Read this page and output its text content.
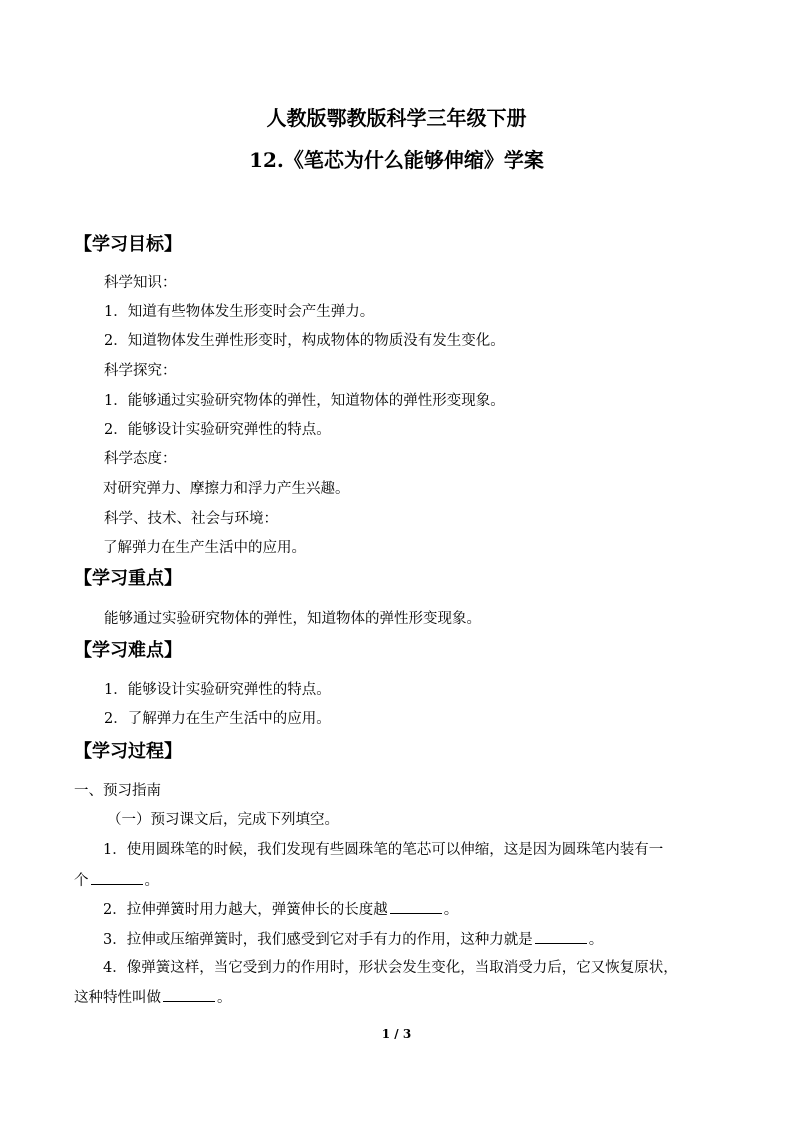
人教版鄂教版科学三年级下册
12.《笔芯为什么能够伸缩》学案
【学习目标】
科学知识：
1．知道有些物体发生形变时会产生弹力。
2．知道物体发生弹性形变时，构成物体的物质没有发生变化。
科学探究：
1．能够通过实验研究物体的弹性，知道物体的弹性形变现象。
2．能够设计实验研究弹性的特点。
科学态度：
对研究弹力、摩擦力和浮力产生兴趣。
科学、技术、社会与环境：
了解弹力在生产生活中的应用。
【学习重点】
能够通过实验研究物体的弹性，知道物体的弹性形变现象。
【学习难点】
1．能够设计实验研究弹性的特点。
2．了解弹力在生产生活中的应用。
【学习过程】
一、预习指南
（一）预习课文后，完成下列填空。
1．使用圆珠笔的时候，我们发现有些圆珠笔的笔芯可以伸缩，这是因为圆珠笔内装有一
个	。
2．拉伸弹簧时用力越大，弹簧伸长的长度越	。
3．拉伸或压缩弹簧时，我们感受到它对手有力的作用，这种力就是	。
4．像弹簧这样，当它受到力的作用时，形状会发生变化，当取消受力后，它又恢复原状，
这种特性叫做	。
1 / 3
